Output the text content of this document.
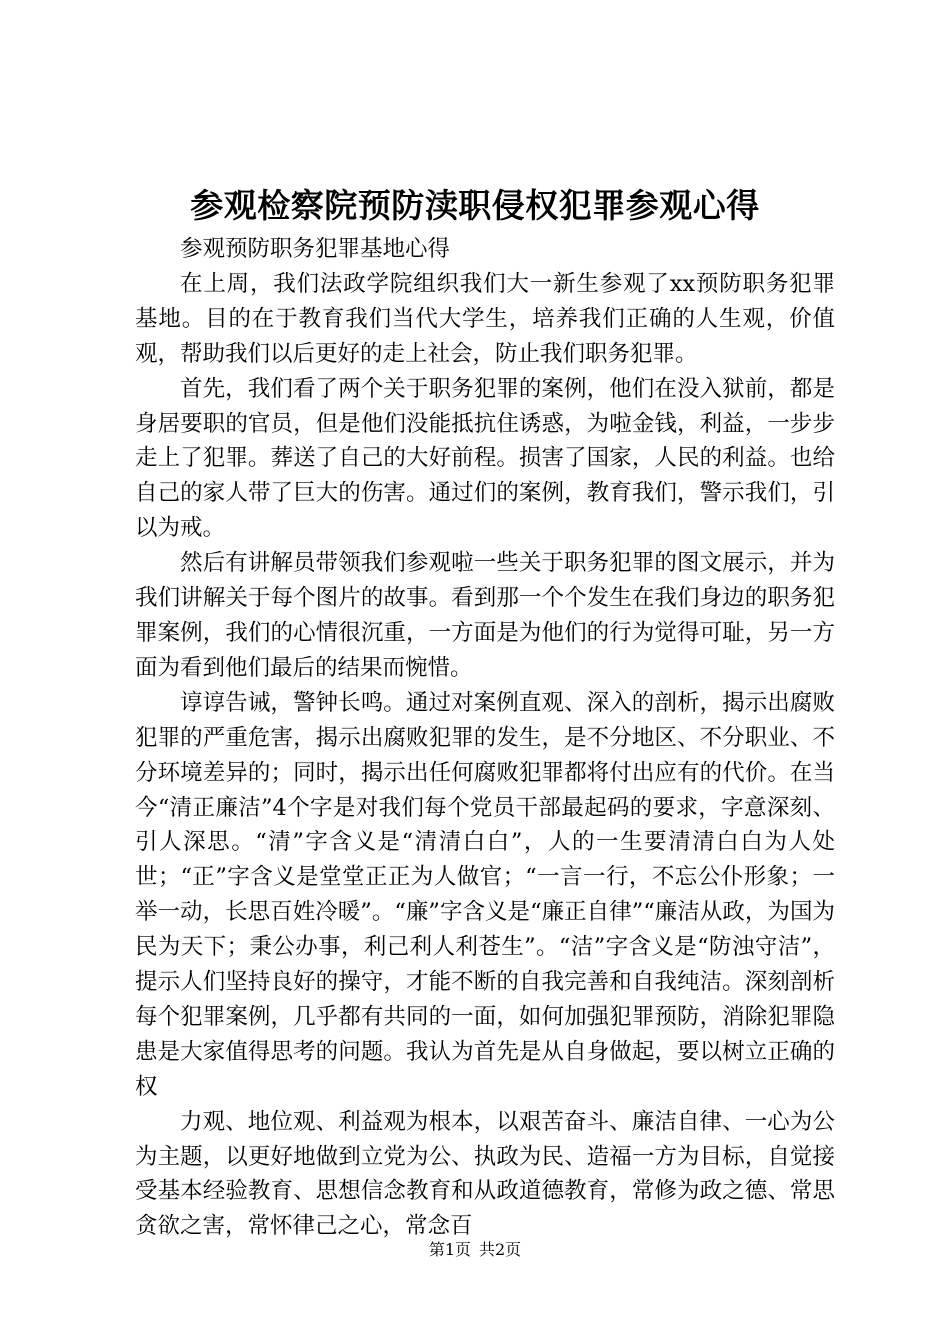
参观检察院预防渎职侵权犯罪参观心得

参观预防职务犯罪基地心得

在上周，我们法政学院组织我们大一新生参观了xx预防职务犯罪基地。目的在于教育我们当代大学生，培养我们正确的人生观，价值观，帮助我们以后更好的走上社会，防止我们职务犯罪。

首先，我们看了两个关于职务犯罪的案例，他们在没入狱前，都是身居要职的官员，但是他们没能抵抗住诱惑，为啦金钱，利益，一步步走上了犯罪。葬送了自己的大好前程。损害了国家，人民的利益。也给自己的家人带了巨大的伤害。通过们的案例，教育我们，警示我们，引以为戒。

然后有讲解员带领我们参观啦一些关于职务犯罪的图文展示，并为我们讲解关于每个图片的故事。看到那一个个发生在我们身边的职务犯罪案例，我们的心情很沉重，一方面是为他们的行为觉得可耻，另一方面为看到他们最后的结果而惋惜。

谆谆告诫，警钟长鸣。通过对案例直观、深入的剖析，揭示出腐败犯罪的严重危害，揭示出腐败犯罪的发生，是不分地区、不分职业、不分环境差异的；同时，揭示出任何腐败犯罪都将付出应有的代价。在当今“清正廉洁”4个字是对我们每个党员干部最起码的要求，字意深刻、引人深思。“清”字含义是“清清白白”，人的一生要清清白白为人处世；“正”字含义是堂堂正正为人做官；“一言一行，不忘公仆形象；一举一动，长思百姓冷暖”。“廉”字含义是“廉正自律”“廉洁从政，为国为民为天下；秉公办事，利己利人利苍生”。“洁”字含义是“防浊守洁”，提示人们坚持良好的操守，才能不断的自我完善和自我纯洁。深刻剖析每个犯罪案例，几乎都有共同的一面，如何加强犯罪预防，消除犯罪隐患是大家值得思考的问题。我认为首先是从自身做起，要以树立正确的权

力观、地位观、利益观为根本，以艰苦奋斗、廉洁自律、一心为公为主题，以更好地做到立党为公、执政为民、造福一方为目标，自觉接受基本经验教育、思想信念教育和从政道德教育，常修为政之德、常思贪欲之害，常怀律己之心，常念百

第1页 共2页
